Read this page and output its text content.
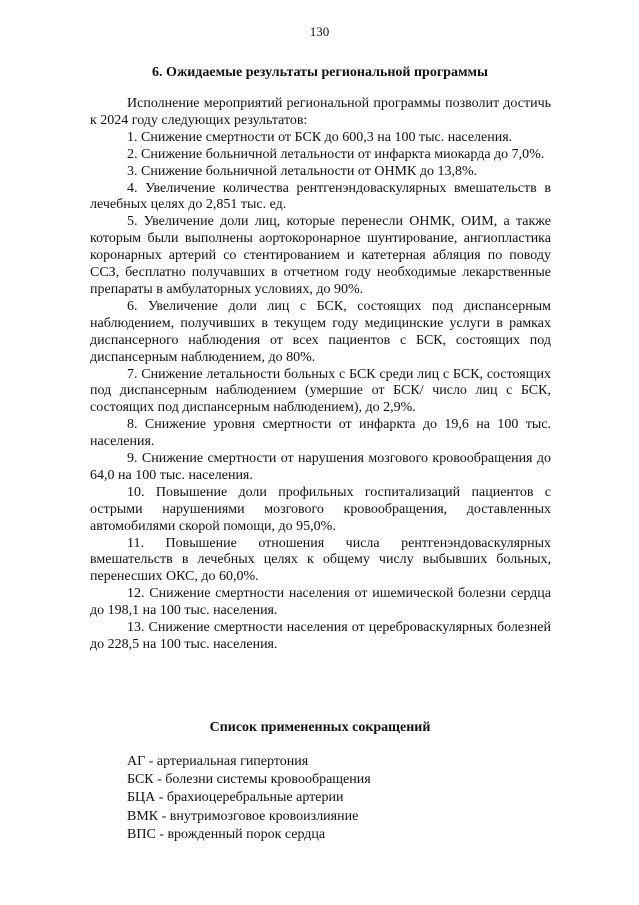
130
6. Ожидаемые результаты региональной программы

Исполнение мероприятий региональной программы позволит достичь к 2024 году следующих результатов:

1. Снижение смертности от БСК до 600,3 на 100 тыс. населения.

2. Снижение больничной летальности от инфаркта миокарда до 7,0%.

3. Снижение больничной летальности от ОНМК до 13,8%.

4. Увеличение количества рентгенэндоваскулярных вмешательств в лечебных целях до 2,851 тыс. ед.

5. Увеличение доли лиц, которые перенесли ОНМК, ОИМ, а также которым были выполнены аортокоронарное шунтирование, ангиопластика коронарных артерий со стентированием и катетерная абляция по поводу ССЗ, бесплатно получавших в отчетном году необходимые лекарственные препараты в амбулаторных условиях, до 90%.

6. Увеличение доли лиц с БСК, состоящих под диспансерным наблюдением, получивших в текущем году медицинские услуги в рамках диспансерного наблюдения от всех пациентов с БСК, состоящих под диспансерным наблюдением, до 80%.

7. Снижение летальности больных с БСК среди лиц с БСК, состоящих под диспансерным наблюдением (умершие от БСК/ число лиц с БСК, состоящих под диспансерным наблюдением), до 2,9%.

8. Снижение уровня смертности от инфаркта до 19,6 на 100 тыс. населения.

9. Снижение смертности от нарушения мозгового кровообращения до 64,0 на 100 тыс. населения.

10. Повышение доли профильных госпитализаций пациентов с острыми нарушениями мозгового кровообращения, доставленных автомобилями скорой помощи, до 95,0%.

11. Повышение отношения числа рентгенэндоваскулярных вмешательств в лечебных целях к общему числу выбывших больных, перенесших ОКС, до 60,0%.

12. Снижение смертности населения от ишемической болезни сердца до 198,1 на 100 тыс. населения.

13. Снижение смертности населения от цереброваскулярных болезней до 228,5 на 100 тыс. населения.

Список примененных сокращений
АГ - артериальная гипертония
БСК - болезни системы кровообращения
БЦА - брахиоцеребральные артерии
ВМК - внутримозговое кровоизлияние
ВПС - врожденный порок сердца
